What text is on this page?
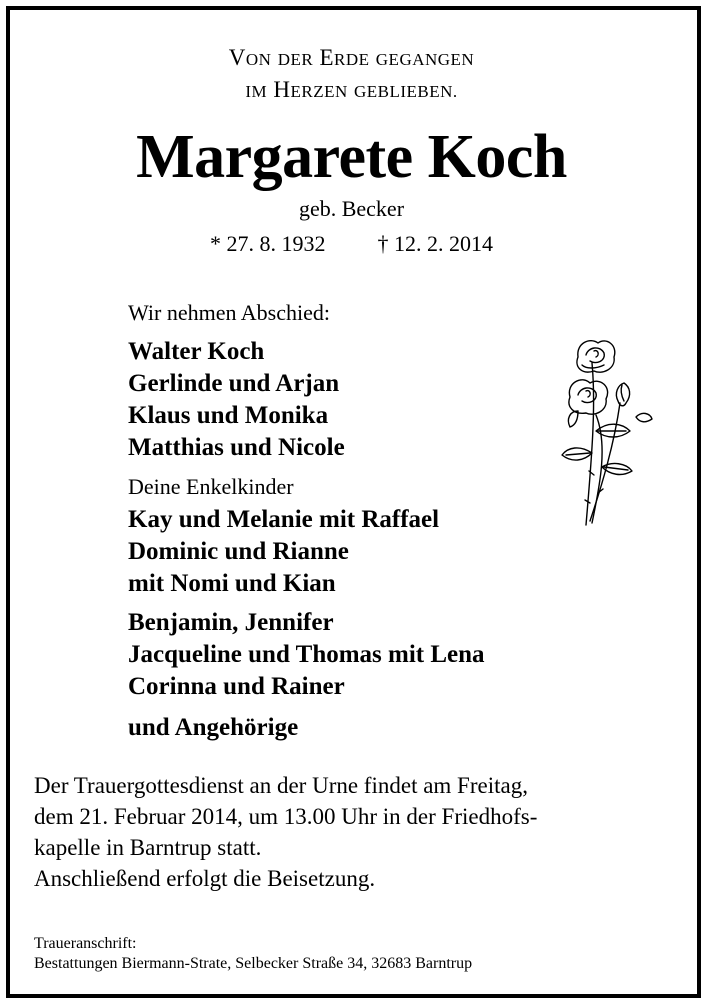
VON DER ERDE GEGANGEN
IM HERZEN GEBLIEBEN.
Margarete Koch
geb. Becker
* 27. 8. 1932 † 12. 2. 2014
Wir nehmen Abschied:
Walter Koch
Gerlinde und Arjan
Klaus und Monika
Matthias und Nicole
Deine Enkelkinder
Kay und Melanie mit Raffael
Dominic und Rianne
mit Nomi und Kian
Benjamin, Jennifer
Jacqueline und Thomas mit Lena
Corinna und Rainer
und Angehörige
Der Trauergottesdienst an der Urne findet am Freitag,
dem 21. Februar 2014, um 13.00 Uhr in der Friedhofs-
kapelle in Barntrup statt.
Anschließend erfolgt die Beisetzung.
Traueranschrift:
Bestattungen Biermann-Strate, Selbecker Straße 34, 32683 Barntrup
